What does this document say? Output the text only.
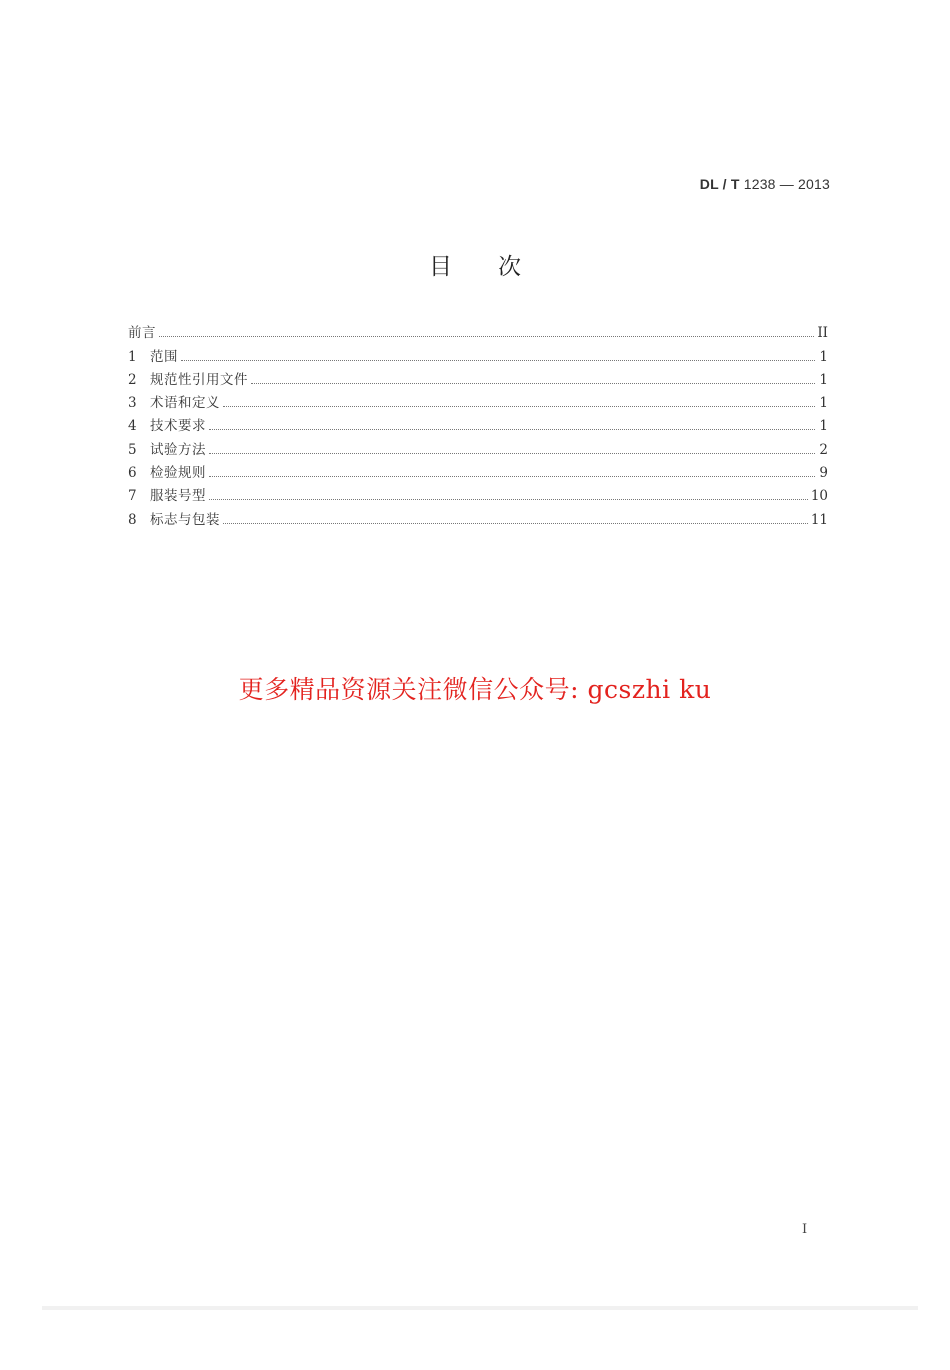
DL / T 1238 — 2013
目次
前言	II
1 范围	1
2 规范性引用文件	1
3 术语和定义	1
4 技术要求	1
5 试验方法	2
6 检验规则	9
7 服装号型	10
8 标志与包装	11
更多精品资源关注微信公众号: gcszhi ku
I
